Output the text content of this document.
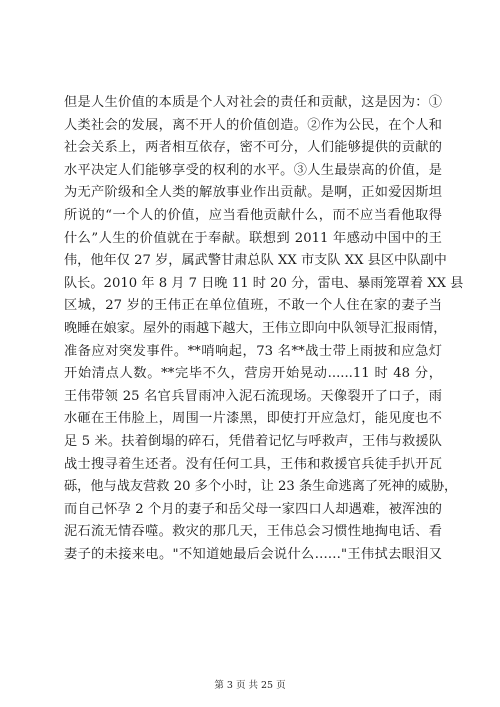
但是人生价值的本质是个人对社会的责任和贡献，这是因为：①
人类社会的发展，离不开人的价值创造。②作为公民，在个人和
社会关系上，两者相互依存，密不可分，人们能够提供的贡献的
水平决定人们能够享受的权利的水平。③人生最崇高的价值，是
为无产阶级和全人类的解放事业作出贡献。是啊，正如爱因斯坦
所说的“一个人的价值，应当看他贡献什么，而不应当看他取得
什么”人生的价值就在于奉献。联想到 2011 年感动中国中的王
伟，他年仅 27 岁，属武警甘肃总队 XX 市支队 XX 县区中队副中
队长。2010 年 8 月 7 日晚 11 时 20 分，雷电、暴雨笼罩着 XX 县
区城，27 岁的王伟正在单位值班，不敢一个人住在家的妻子当
晚睡在娘家。屋外的雨越下越大，王伟立即向中队领导汇报雨情，
准备应对突发事件。**哨响起，73 名**战士带上雨披和应急灯
开始清点人数。**完毕不久，营房开始晃动......11 时 48 分，
王伟带领 25 名官兵冒雨冲入泥石流现场。天像裂开了口子，雨
水砸在王伟脸上，周围一片漆黑，即使打开应急灯，能见度也不
足 5 米。扶着倒塌的碎石，凭借着记忆与呼救声，王伟与救援队
战士搜寻着生还者。没有任何工具，王伟和救援官兵徒手扒开瓦
砾，他与战友营救 20 多个小时，让 23 条生命逃离了死神的威胁，
而自己怀孕 2 个月的妻子和岳父母一家四口人却遇难，被浑浊的
泥石流无情吞噬。救灾的那几天，王伟总会习惯性地掏电话、看
妻子的未接来电。"不知道她最后会说什么……"王伟拭去眼泪又
第 3 页 共 25 页
